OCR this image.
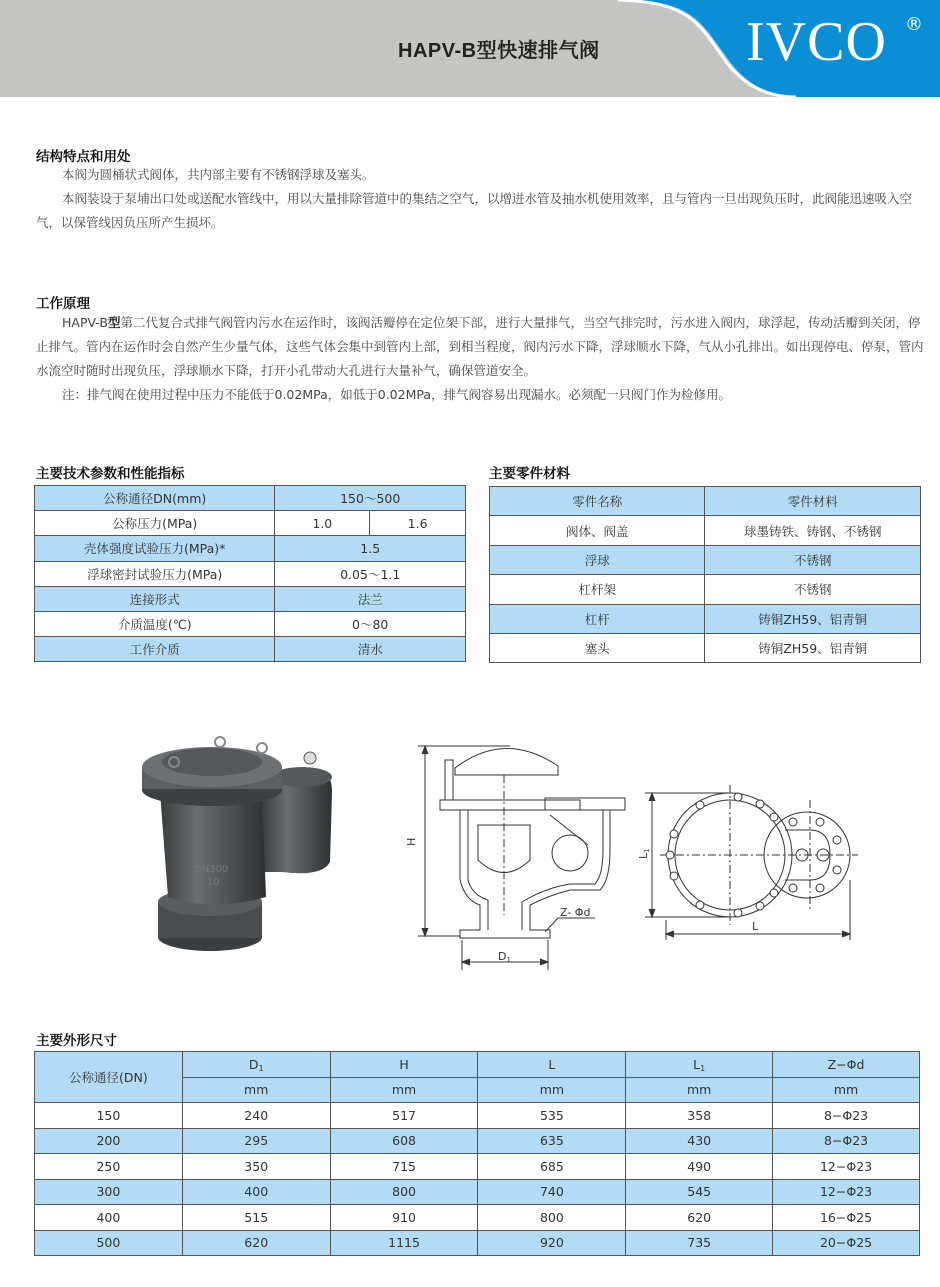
HAPV-B型快速排气阀	IVCO ®
结构特点和用处
本阀为圆桶状式阀体，共内部主要有不锈钢浮球及塞头。
本阀装设于泵埔出口处或送配水管线中，用以大量排除管道中的集结之空气，以增进水管及抽水机使用效率，且与管内一旦出现负压时，此阀能迅速吸入空气，以保管线因负压所产生损坏。
工作原理
HAPV-B型第二代复合式排气阀管内污水在运作时，该阀活瓣停在定位架下部，进行大量排气，当空气排完时，污水进入阀内，球浮起，传动活瓣到关闭，停止排气。管内在运作时会自然产生少量气体，这些气体会集中到管内上部，到相当程度，阀内污水下降，浮球顺水下降，气从小孔排出。如出现停电、停泵，管内水流空时随时出现负压，浮球顺水下降，打开小孔带动大孔进行大量补气，确保管道安全。
注：排气阀在使用过程中压力不能低于0.02MPa，如低于0.02MPa，排气阀容易出现漏水。必须配一只阀门作为检修用。
主要技术参数和性能指标
公称通径DN(mm)	150～500	
公称压力(MPa)	1.0	1.6
壳体强度试验压力(MPa)*	1.5	
浮球密封试验压力(MPa)	0.05～1.1	
连接形式	法兰	
介质温度(℃)	0～80	
工作介质	清水	
主要零件材料
零件名称	零件材料
阀体、阀盖	球墨铸铁、铸钢、不锈钢
浮球	不锈钢
杠杆架	不锈钢
杠杆	铸铜ZH59、铝青铜
塞头	铸铜ZH59、铝青铜
DN300
10
H
D1
Z- Φd
L1
L
主要外形尺寸
公称通径(DN)	$D_1$	H	L	$L_1$	Z−Φd
	mm	mm	mm	mm	mm
150	240	517	535	358	8−Φ23
200	295	608	635	430	8−Φ23
250	350	715	685	490	12−Φ23
300	400	800	740	545	12−Φ23
400	515	910	800	620	16−Φ25
500	620	1115	920	735	20−Φ25
